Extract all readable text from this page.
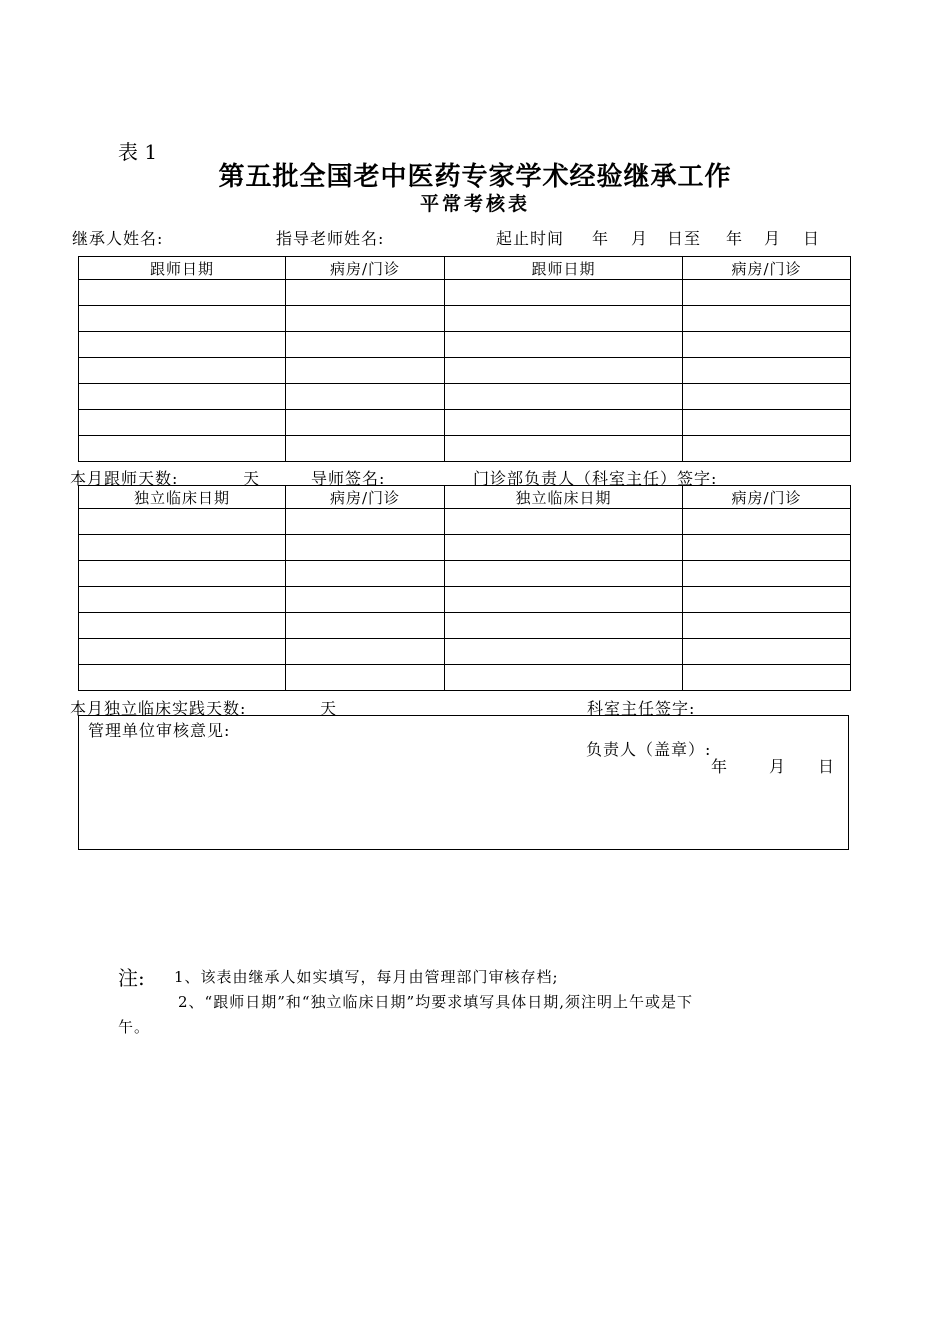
表 1
第五批全国老中医药专家学术经验继承工作
平常考核表
继承人姓名:	指导老师姓名:	起止时间 年 月 日至 年 月 日
跟师日期	病房/门诊	跟师日期	病房/门诊

本月跟师天数:	天	导师签名:	门诊部负责人（科室主任）签字:
独立临床日期	病房/门诊	独立临床日期	病房/门诊

本月独立临床实践天数:	天	科室主任签字:
管理单位审核意见:
负责人（盖章）:
年	月 日
注: 1、该表由继承人如实填写，每月由管理部门审核存档;
2、“跟师日期”和“独立临床日期”均要求填写具体日期,须注明上午或是下
午。
